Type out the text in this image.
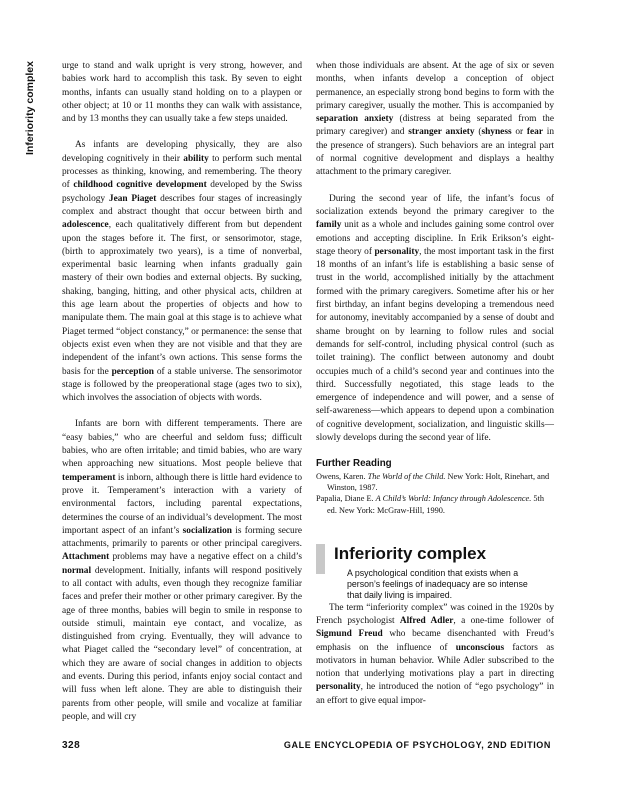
Inferiority complex	urge to stand and walk upright is very strong, however, and babies work hard to accomplish this task. By seven to eight months, infants can usually stand holding on to a playpen or other object; at 10 or 11 months they can walk with assistance, and by 13 months they can usually take a few steps unaided.

As infants are developing physically, they are also developing cognitively in their ability to perform such mental processes as thinking, knowing, and remembering. The theory of childhood cognitive development developed by the Swiss psychology Jean Piaget describes four stages of increasingly complex and abstract thought that occur between birth and adolescence, each qualitatively different from but dependent upon the stages before it. The first, or sensorimotor, stage, (birth to approximately two years), is a time of nonverbal, experimental basic learning when infants gradually gain mastery of their own bodies and external objects. By sucking, shaking, banging, hitting, and other physical acts, children at this age learn about the properties of objects and how to manipulate them. The main goal at this stage is to achieve what Piaget termed “object constancy,” or permanence: the sense that objects exist even when they are not visible and that they are independent of the infant’s own actions. This sense forms the basis for the perception of a stable universe. The sensorimotor stage is followed by the preoperational stage (ages two to six), which involves the association of objects with words.

Infants are born with different temperaments. There are “easy babies,” who are cheerful and seldom fuss; difficult babies, who are often irritable; and timid babies, who are wary when approaching new situations. Most people believe that temperament is inborn, although there is little hard evidence to prove it. Temperament’s interaction with a variety of environmental factors, including parental expectations, determines the course of an individual’s development. The most important aspect of an infant’s socialization is forming secure attachments, primarily to parents or other principal caregivers. Attachment problems may have a negative effect on a child’s normal development. Initially, infants will respond positively to all contact with adults, even though they recognize familiar faces and prefer their mother or other primary caregiver. By the age of three months, babies will begin to smile in response to outside stimuli, maintain eye contact, and vocalize, as distinguished from crying. Eventually, they will advance to what Piaget called the “secondary level” of concentration, at which they are aware of social changes in addition to objects and events. During this period, infants enjoy social contact and will fuss when left alone. They are able to distinguish their parents from other people, will smile and vocalize at familiar people, and will cry

when those individuals are absent. At the age of six or seven months, when infants develop a conception of object permanence, an especially strong bond begins to form with the primary caregiver, usually the mother. This is accompanied by separation anxiety (distress at being separated from the primary caregiver) and stranger anxiety (shyness or fear in the presence of strangers). Such behaviors are an integral part of normal cognitive development and displays a healthy attachment to the primary caregiver.

During the second year of life, the infant’s focus of socialization extends beyond the primary caregiver to the family unit as a whole and includes gaining some control over emotions and accepting discipline. In Erik Erikson’s eight-stage theory of personality, the most important task in the first 18 months of an infant’s life is establishing a basic sense of trust in the world, accomplished initially by the attachment formed with the primary caregivers. Sometime after his or her first birthday, an infant begins developing a tremendous need for autonomy, inevitably accompanied by a sense of doubt and shame brought on by learning to follow rules and social demands for self-control, including physical control (such as toilet training). The conflict between autonomy and doubt occupies much of a child’s second year and continues into the third. Successfully negotiated, this stage leads to the emergence of independence and will power, and a sense of self-awareness—which appears to depend upon a combination of cognitive development, socialization, and linguistic skills—slowly develops during the second year of life.

Further Reading

Owens, Karen. The World of the Child. New York: Holt, Rinehart, and Winston, 1987.

Papalia, Diane E. A Child’s World: Infancy through Adolescence. 5th ed. New York: McGraw-Hill, 1990.

Inferiority complex
A psychological condition that exists when a person’s feelings of inadequacy are so intense that daily living is impaired.

The term “inferiority complex” was coined in the 1920s by French psychologist Alfred Adler, a one-time follower of Sigmund Freud who became disenchanted with Freud’s emphasis on the influence of unconscious factors as motivators in human behavior. While Adler subscribed to the notion that underlying motivations play a part in directing personality, he introduced the notion of “ego psychology” in an effort to give equal impor-

328	GALE ENCYCLOPEDIA OF PSYCHOLOGY, 2ND EDITION
